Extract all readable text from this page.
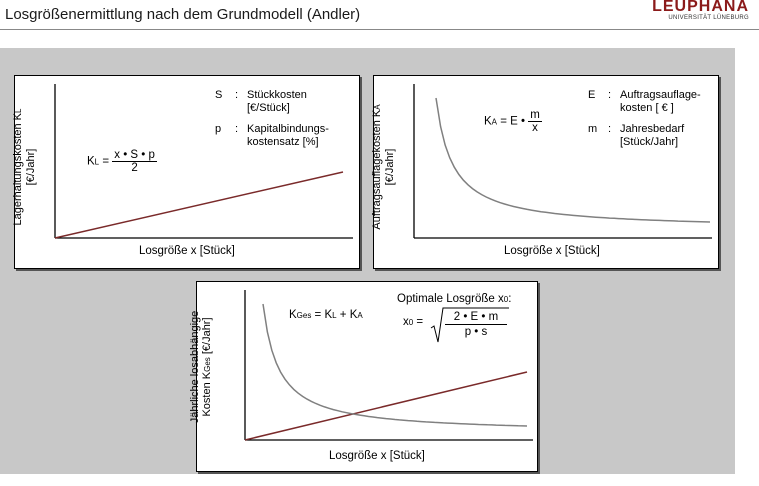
Losgrößenermittlung nach dem Grundmodell (Andler)	LEUPHANA
UNIVERSITÄT LÜNEBURG
Lagerhaltungskosten KL
[€/Jahr]
Losgröße x [Stück]
KL = $\frac{x • S • p}{2}$
S : Stückkosten
[€/Stück]
p : Kapitalbindungs-
kostensatz [%]	Auftragsauflagekosten KA
[€/Jahr]
Losgröße x [Stück]
KA = E • $\frac{m}{x}$
E : Auftragsauflage-
kosten [ € ]
m : Jahresbedarf
[Stück/Jahr]
Jährliche losabhängige Kosten KGes [€/Jahr]
Losgröße x [Stück]
KGes = KL + KA
Optimale Losgröße x0:
x0 =	2 • E • m
p • s
